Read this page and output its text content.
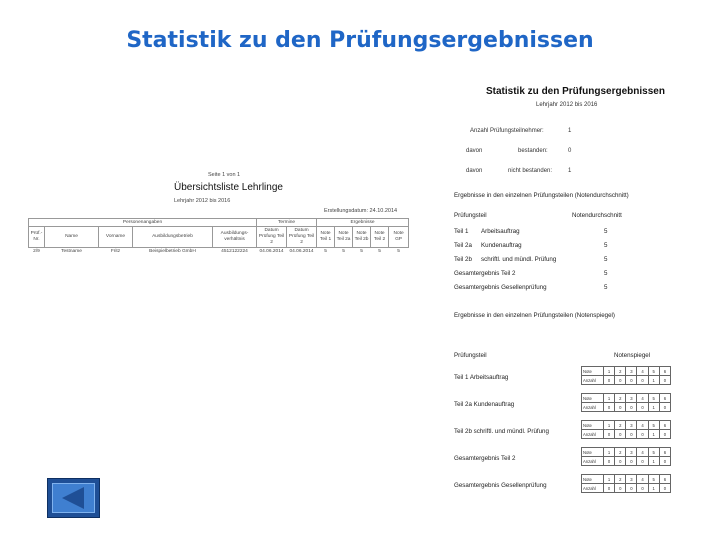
Statistik zu den Prüfungsergebnissen
Seite 1 von 1
Übersichtsliste Lehrlinge
Lehrjahr 2012 bis 2016
Erstellungsdatum: 24.10.2014
Personenangaben					Termine		Ergebnisse				
Prüf.-Nr.	Name	Vorname	Ausbildungsbetrieb	Ausbildungs-verhältnis	Datum Prüfung Teil 2	Datum Prüfung Teil 2	Note Teil 1	Note Teil 2a	Note Teil 2b	Note Teil 2	Note GP
2/9	Testname	Fritz	Beispielbetrieb GmbH	4512122224	04.06.2014	04.06.2014	5	5	5	5	5
Statistik zu den Prüfungsergebnissen
Lehrjahr 2012 bis 2016
Anzahl Prüfungsteilnehmer:	1
davon	bestanden:	0
davon	nicht bestanden:	1
Ergebnisse in den einzelnen Prüfungsteilen (Notendurchschnitt)
Prüfungsteil	Notendurchschnitt
Teil 1 Arbeitsauftrag	5
Teil 2a Kundenauftrag	5
Teil 2b schriftl. und mündl. Prüfung	5
Gesamtergebnis Teil 2	5
Gesamtergebnis Gesellenprüfung	5
Ergebnisse in den einzelnen Prüfungsteilen (Notenspiegel)
Prüfungsteil	Notenspiegel
Teil 1 Arbeitsauftrag
Note	1	2	3	4	5	6
Anzahl	0	0	0	0	1	0
Teil 2a Kundenauftrag
Note	1	2	3	4	5	6
Anzahl	0	0	0	0	1	0
Teil 2b schriftl. und mündl. Prüfung
Note	1	2	3	4	5	6
Anzahl	0	0	0	0	1	0
Gesamtergebnis Teil 2
Note	1	2	3	4	5	6
Anzahl	0	0	0	0	1	0
Gesamtergebnis Gesellenprüfung
Note	1	2	3	4	5	6
Anzahl	0	0	0	0	1	0
